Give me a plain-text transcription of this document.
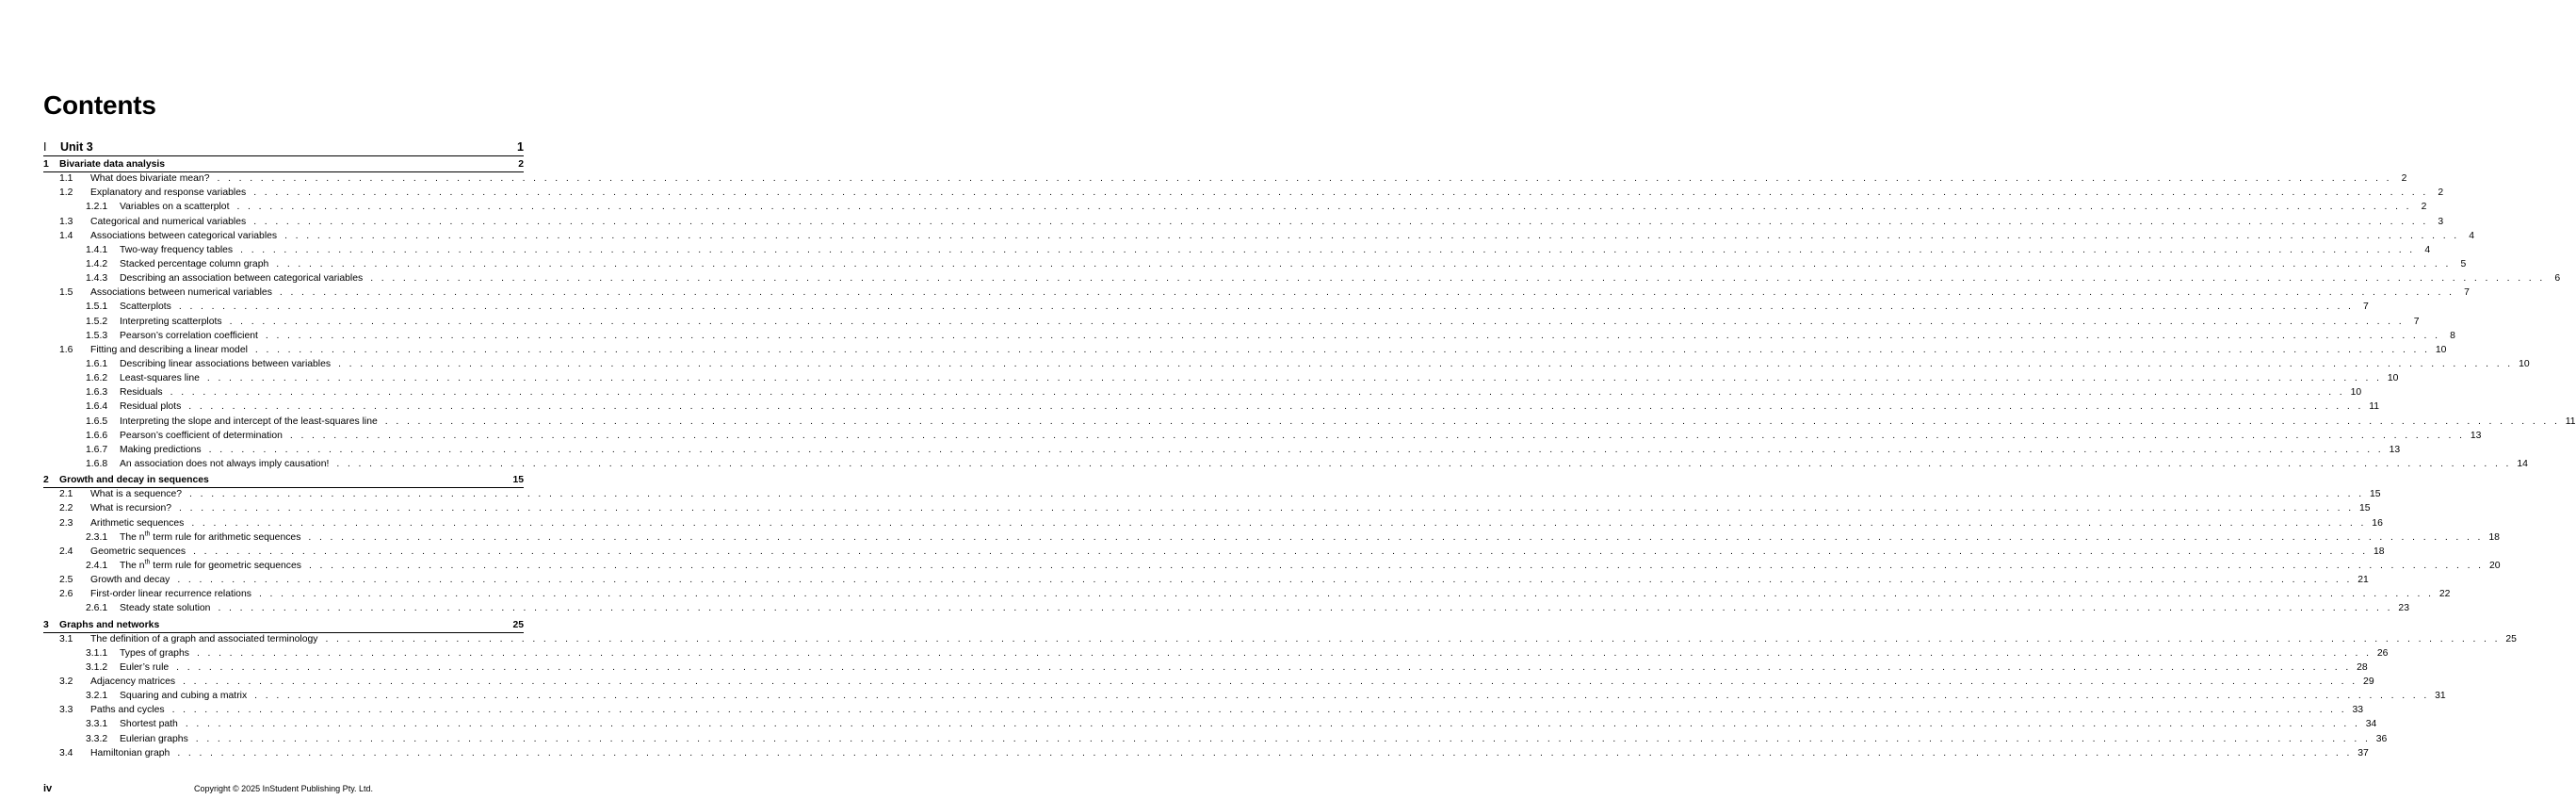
Contents
I	Unit 3	1
1	Bivariate data analysis	2
1.1	What does bivariate mean? . . . . . . . . . . . . . . . . . . . . . . . . . . . . . . . . . . . . . . . . . . . . . . . . . . . . . . . . . . . . . . . . . . . . . . . . . . . . . . . . . . . . . . . . . . . . . . . . . . . . . . . . . . . . . . . . . . . . . . . . . . . . . . . . . . . . . . . . . . . . . . . . . . . . . . . . . . . . . . . . . . . . . . . . . . . . . . . . . . . . . . . . . . . . . . . . . . . . . . . . 2
1.2	Explanatory and response variables . . . . . . . . . . . . . . . . . . . . . . . . . . . . . . . . . . . . . . . . . . . . . . . . . . . . . . . . . . . . . . . . . . . . . . . . . . . . . . . . . . . . . . . . . . . . . . . . . . . . . . . . . . . . . . . . . . . . . . . . . . . . . . . . . . . . . . . . . . . . . . . . . . . . . . . . . . . . . . . . . . . . . . . . . . . . . . . . . . . . . . . . . . . . . . . . . . . . . . . . 2
1.2.1	Variables on a scatterplot . . . . . . . . . . . . . . . . . . . . . . . . . . . . . . . . . . . . . . . . . . . . . . . . . . . . . . . . . . . . . . . . . . . . . . . . . . . . . . . . . . . . . . . . . . . . . . . . . . . . . . . . . . . . . . . . . . . . . . . . . . . . . . . . . . . . . . . . . . . . . . . . . . . . . . . . . . . . . . . . . . . . . . . . . . . . . . . . . . . . . . . . . . . . . . . . . . . . . . . . 2
1.3	Categorical and numerical variables . . . . . . . . . . . . . . . . . . . . . . . . . . . . . . . . . . . . . . . . . . . . . . . . . . . . . . . . . . . . . . . . . . . . . . . . . . . . . . . . . . . . . . . . . . . . . . . . . . . . . . . . . . . . . . . . . . . . . . . . . . . . . . . . . . . . . . . . . . . . . . . . . . . . . . . . . . . . . . . . . . . . . . . . . . . . . . . . . . . . . . . . . . . . . . . . . . . . . . . . 3
1.4	Associations between categorical variables . . . . . . . . . . . . . . . . . . . . . . . . . . . . . . . . . . . . . . . . . . . . . . . . . . . . . . . . . . . . . . . . . . . . . . . . . . . . . . . . . . . . . . . . . . . . . . . . . . . . . . . . . . . . . . . . . . . . . . . . . . . . . . . . . . . . . . . . . . . . . . . . . . . . . . . . . . . . . . . . . . . . . . . . . . . . . . . . . . . . . . . . . . . . . . . . . . . . . . . . 4
1.4.1	Two-way frequency tables . . . . . . . . . . . . . . . . . . . . . . . . . . . . . . . . . . . . . . . . . . . . . . . . . . . . . . . . . . . . . . . . . . . . . . . . . . . . . . . . . . . . . . . . . . . . . . . . . . . . . . . . . . . . . . . . . . . . . . . . . . . . . . . . . . . . . . . . . . . . . . . . . . . . . . . . . . . . . . . . . . . . . . . . . . . . . . . . . . . . . . . . . . . . . . . . . . . . . . . . 4
1.4.2	Stacked percentage column graph . . . . . . . . . . . . . . . . . . . . . . . . . . . . . . . . . . . . . . . . . . . . . . . . . . . . . . . . . . . . . . . . . . . . . . . . . . . . . . . . . . . . . . . . . . . . . . . . . . . . . . . . . . . . . . . . . . . . . . . . . . . . . . . . . . . . . . . . . . . . . . . . . . . . . . . . . . . . . . . . . . . . . . . . . . . . . . . . . . . . . . . . . . . . . . . . . . . . . . . . 5
1.4.3	Describing an association between categorical variables . . . . . . . . . . . . . . . . . . . . . . . . . . . . . . . . . . . . . . . . . . . . . . . . . . . . . . . . . . . . . . . . . . . . . . . . . . . . . . . . . . . . . . . . . . . . . . . . . . . . . . . . . . . . . . . . . . . . . . . . . . . . . . . . . . . . . . . . . . . . . . . . . . . . . . . . . . . . . . . . . . . . . . . . . . . . . . . . . . . . . . . . . . . . . . . . . . . . . . . . 6
1.5	Associations between numerical variables . . . . . . . . . . . . . . . . . . . . . . . . . . . . . . . . . . . . . . . . . . . . . . . . . . . . . . . . . . . . . . . . . . . . . . . . . . . . . . . . . . . . . . . . . . . . . . . . . . . . . . . . . . . . . . . . . . . . . . . . . . . . . . . . . . . . . . . . . . . . . . . . . . . . . . . . . . . . . . . . . . . . . . . . . . . . . . . . . . . . . . . . . . . . . . . . . . . . . . . . 7
1.5.1	Scatterplots . . . . . . . . . . . . . . . . . . . . . . . . . . . . . . . . . . . . . . . . . . . . . . . . . . . . . . . . . . . . . . . . . . . . . . . . . . . . . . . . . . . . . . . . . . . . . . . . . . . . . . . . . . . . . . . . . . . . . . . . . . . . . . . . . . . . . . . . . . . . . . . . . . . . . . . . . . . . . . . . . . . . . . . . . . . . . . . . . . . . . . . . . . . . . . . . . . . . . . . . 7
1.5.2	Interpreting scatterplots . . . . . . . . . . . . . . . . . . . . . . . . . . . . . . . . . . . . . . . . . . . . . . . . . . . . . . . . . . . . . . . . . . . . . . . . . . . . . . . . . . . . . . . . . . . . . . . . . . . . . . . . . . . . . . . . . . . . . . . . . . . . . . . . . . . . . . . . . . . . . . . . . . . . . . . . . . . . . . . . . . . . . . . . . . . . . . . . . . . . . . . . . . . . . . . . . . . . . . . . 7
1.5.3	Pearson’s correlation coefficient . . . . . . . . . . . . . . . . . . . . . . . . . . . . . . . . . . . . . . . . . . . . . . . . . . . . . . . . . . . . . . . . . . . . . . . . . . . . . . . . . . . . . . . . . . . . . . . . . . . . . . . . . . . . . . . . . . . . . . . . . . . . . . . . . . . . . . . . . . . . . . . . . . . . . . . . . . . . . . . . . . . . . . . . . . . . . . . . . . . . . . . . . . . . . . . . . . . . . . . . 8
1.6	Fitting and describing a linear model . . . . . . . . . . . . . . . . . . . . . . . . . . . . . . . . . . . . . . . . . . . . . . . . . . . . . . . . . . . . . . . . . . . . . . . . . . . . . . . . . . . . . . . . . . . . . . . . . . . . . . . . . . . . . . . . . . . . . . . . . . . . . . . . . . . . . . . . . . . . . . . . . . . . . . . . . . . . . . . . . . . . . . . . . . . . . . . . . . . . . . . . . . . . . . . . . . . . . . . . 10
1.6.1	Describing linear associations between variables . . . . . . . . . . . . . . . . . . . . . . . . . . . . . . . . . . . . . . . . . . . . . . . . . . . . . . . . . . . . . . . . . . . . . . . . . . . . . . . . . . . . . . . . . . . . . . . . . . . . . . . . . . . . . . . . . . . . . . . . . . . . . . . . . . . . . . . . . . . . . . . . . . . . . . . . . . . . . . . . . . . . . . . . . . . . . . . . . . . . . . . . . . . . . . . . . . . . . . . . 10
1.6.2	Least-squares line . . . . . . . . . . . . . . . . . . . . . . . . . . . . . . . . . . . . . . . . . . . . . . . . . . . . . . . . . . . . . . . . . . . . . . . . . . . . . . . . . . . . . . . . . . . . . . . . . . . . . . . . . . . . . . . . . . . . . . . . . . . . . . . . . . . . . . . . . . . . . . . . . . . . . . . . . . . . . . . . . . . . . . . . . . . . . . . . . . . . . . . . . . . . . . . . . . . . . . . . 10
1.6.3	Residuals . . . . . . . . . . . . . . . . . . . . . . . . . . . . . . . . . . . . . . . . . . . . . . . . . . . . . . . . . . . . . . . . . . . . . . . . . . . . . . . . . . . . . . . . . . . . . . . . . . . . . . . . . . . . . . . . . . . . . . . . . . . . . . . . . . . . . . . . . . . . . . . . . . . . . . . . . . . . . . . . . . . . . . . . . . . . . . . . . . . . . . . . . . . . . . . . . . . . . . . . 10
1.6.4	Residual plots . . . . . . . . . . . . . . . . . . . . . . . . . . . . . . . . . . . . . . . . . . . . . . . . . . . . . . . . . . . . . . . . . . . . . . . . . . . . . . . . . . . . . . . . . . . . . . . . . . . . . . . . . . . . . . . . . . . . . . . . . . . . . . . . . . . . . . . . . . . . . . . . . . . . . . . . . . . . . . . . . . . . . . . . . . . . . . . . . . . . . . . . . . . . . . . . . . . . . . . . 11
1.6.5	Interpreting the slope and intercept of the least-squares line . . . . . . . . . . . . . . . . . . . . . . . . . . . . . . . . . . . . . . . . . . . . . . . . . . . . . . . . . . . . . . . . . . . . . . . . . . . . . . . . . . . . . . . . . . . . . . . . . . . . . . . . . . . . . . . . . . . . . . . . . . . . . . . . . . . . . . . . . . . . . . . . . . . . . . . . . . . . . . . . . . . . . . . . . . . . . . . . . . . . . . . . . . . . . . . . . . . . . . . . 11
1.6.6	Pearson’s coefficient of determination . . . . . . . . . . . . . . . . . . . . . . . . . . . . . . . . . . . . . . . . . . . . . . . . . . . . . . . . . . . . . . . . . . . . . . . . . . . . . . . . . . . . . . . . . . . . . . . . . . . . . . . . . . . . . . . . . . . . . . . . . . . . . . . . . . . . . . . . . . . . . . . . . . . . . . . . . . . . . . . . . . . . . . . . . . . . . . . . . . . . . . . . . . . . . . . . . . . . . . . . 13
1.6.7	Making predictions . . . . . . . . . . . . . . . . . . . . . . . . . . . . . . . . . . . . . . . . . . . . . . . . . . . . . . . . . . . . . . . . . . . . . . . . . . . . . . . . . . . . . . . . . . . . . . . . . . . . . . . . . . . . . . . . . . . . . . . . . . . . . . . . . . . . . . . . . . . . . . . . . . . . . . . . . . . . . . . . . . . . . . . . . . . . . . . . . . . . . . . . . . . . . . . . . . . . . . . . 13
1.6.8	An association does not always imply causation! . . . . . . . . . . . . . . . . . . . . . . . . . . . . . . . . . . . . . . . . . . . . . . . . . . . . . . . . . . . . . . . . . . . . . . . . . . . . . . . . . . . . . . . . . . . . . . . . . . . . . . . . . . . . . . . . . . . . . . . . . . . . . . . . . . . . . . . . . . . . . . . . . . . . . . . . . . . . . . . . . . . . . . . . . . . . . . . . . . . . . . . . . . . . . . . . . . . . . . . . 14
2	Growth and decay in sequences	15
2.1	What is a sequence? . . . . . . . . . . . . . . . . . . . . . . . . . . . . . . . . . . . . . . . . . . . . . . . . . . . . . . . . . . . . . . . . . . . . . . . . . . . . . . . . . . . . . . . . . . . . . . . . . . . . . . . . . . . . . . . . . . . . . . . . . . . . . . . . . . . . . . . . . . . . . . . . . . . . . . . . . . . . . . . . . . . . . . . . . . . . . . . . . . . . . . . . . . . . . . . . . . . . . . . . 15
2.2	What is recursion? . . . . . . . . . . . . . . . . . . . . . . . . . . . . . . . . . . . . . . . . . . . . . . . . . . . . . . . . . . . . . . . . . . . . . . . . . . . . . . . . . . . . . . . . . . . . . . . . . . . . . . . . . . . . . . . . . . . . . . . . . . . . . . . . . . . . . . . . . . . . . . . . . . . . . . . . . . . . . . . . . . . . . . . . . . . . . . . . . . . . . . . . . . . . . . . . . . . . . . . . 15
2.3	Arithmetic sequences . . . . . . . . . . . . . . . . . . . . . . . . . . . . . . . . . . . . . . . . . . . . . . . . . . . . . . . . . . . . . . . . . . . . . . . . . . . . . . . . . . . . . . . . . . . . . . . . . . . . . . . . . . . . . . . . . . . . . . . . . . . . . . . . . . . . . . . . . . . . . . . . . . . . . . . . . . . . . . . . . . . . . . . . . . . . . . . . . . . . . . . . . . . . . . . . . . . . . . . . 16
2.3.1	The $n^{th}$ term rule for arithmetic sequences . . . . . . . . . . . . . . . . . . . . . . . . . . . . . . . . . . . . . . . . . . . . . . . . . . . . . . . . . . . . . . . . . . . . . . . . . . . . . . . . . . . . . . . . . . . . . . . . . . . . . . . . . . . . . . . . . . . . . . . . . . . . . . . . . . . . . . . . . . . . . . . . . . . . . . . . . . . . . . . . . . . . . . . . . . . . . . . . . . . . . . . . . . . . . . . . . . . . . . . . 18
2.4	Geometric sequences . . . . . . . . . . . . . . . . . . . . . . . . . . . . . . . . . . . . . . . . . . . . . . . . . . . . . . . . . . . . . . . . . . . . . . . . . . . . . . . . . . . . . . . . . . . . . . . . . . . . . . . . . . . . . . . . . . . . . . . . . . . . . . . . . . . . . . . . . . . . . . . . . . . . . . . . . . . . . . . . . . . . . . . . . . . . . . . . . . . . . . . . . . . . . . . . . . . . . . . . 18
2.4.1	The $n^{th}$ term rule for geometric sequences . . . . . . . . . . . . . . . . . . . . . . . . . . . . . . . . . . . . . . . . . . . . . . . . . . . . . . . . . . . . . . . . . . . . . . . . . . . . . . . . . . . . . . . . . . . . . . . . . . . . . . . . . . . . . . . . . . . . . . . . . . . . . . . . . . . . . . . . . . . . . . . . . . . . . . . . . . . . . . . . . . . . . . . . . . . . . . . . . . . . . . . . . . . . . . . . . . . . . . . . 20
2.5	Growth and decay . . . . . . . . . . . . . . . . . . . . . . . . . . . . . . . . . . . . . . . . . . . . . . . . . . . . . . . . . . . . . . . . . . . . . . . . . . . . . . . . . . . . . . . . . . . . . . . . . . . . . . . . . . . . . . . . . . . . . . . . . . . . . . . . . . . . . . . . . . . . . . . . . . . . . . . . . . . . . . . . . . . . . . . . . . . . . . . . . . . . . . . . . . . . . . . . . . . . . . . . 21
2.6	First-order linear recurrence relations . . . . . . . . . . . . . . . . . . . . . . . . . . . . . . . . . . . . . . . . . . . . . . . . . . . . . . . . . . . . . . . . . . . . . . . . . . . . . . . . . . . . . . . . . . . . . . . . . . . . . . . . . . . . . . . . . . . . . . . . . . . . . . . . . . . . . . . . . . . . . . . . . . . . . . . . . . . . . . . . . . . . . . . . . . . . . . . . . . . . . . . . . . . . . . . . . . . . . . . . 22
2.6.1	Steady state solution . . . . . . . . . . . . . . . . . . . . . . . . . . . . . . . . . . . . . . . . . . . . . . . . . . . . . . . . . . . . . . . . . . . . . . . . . . . . . . . . . . . . . . . . . . . . . . . . . . . . . . . . . . . . . . . . . . . . . . . . . . . . . . . . . . . . . . . . . . . . . . . . . . . . . . . . . . . . . . . . . . . . . . . . . . . . . . . . . . . . . . . . . . . . . . . . . . . . . . . . 23
3	Graphs and networks	25
3.1	The definition of a graph and associated terminology . . . . . . . . . . . . . . . . . . . . . . . . . . . . . . . . . . . . . . . . . . . . . . . . . . . . . . . . . . . . . . . . . . . . . . . . . . . . . . . . . . . . . . . . . . . . . . . . . . . . . . . . . . . . . . . . . . . . . . . . . . . . . . . . . . . . . . . . . . . . . . . . . . . . . . . . . . . . . . . . . . . . . . . . . . . . . . . . . . . . . . . . . . . . . . . . . . . . . . . . 25
3.1.1	Types of graphs . . . . . . . . . . . . . . . . . . . . . . . . . . . . . . . . . . . . . . . . . . . . . . . . . . . . . . . . . . . . . . . . . . . . . . . . . . . . . . . . . . . . . . . . . . . . . . . . . . . . . . . . . . . . . . . . . . . . . . . . . . . . . . . . . . . . . . . . . . . . . . . . . . . . . . . . . . . . . . . . . . . . . . . . . . . . . . . . . . . . . . . . . . . . . . . . . . . . . . . . 26
3.1.2	Euler’s rule . . . . . . . . . . . . . . . . . . . . . . . . . . . . . . . . . . . . . . . . . . . . . . . . . . . . . . . . . . . . . . . . . . . . . . . . . . . . . . . . . . . . . . . . . . . . . . . . . . . . . . . . . . . . . . . . . . . . . . . . . . . . . . . . . . . . . . . . . . . . . . . . . . . . . . . . . . . . . . . . . . . . . . . . . . . . . . . . . . . . . . . . . . . . . . . . . . . . . . . . 28
3.2	Adjacency matrices . . . . . . . . . . . . . . . . . . . . . . . . . . . . . . . . . . . . . . . . . . . . . . . . . . . . . . . . . . . . . . . . . . . . . . . . . . . . . . . . . . . . . . . . . . . . . . . . . . . . . . . . . . . . . . . . . . . . . . . . . . . . . . . . . . . . . . . . . . . . . . . . . . . . . . . . . . . . . . . . . . . . . . . . . . . . . . . . . . . . . . . . . . . . . . . . . . . . . . . . 29
3.2.1	Squaring and cubing a matrix . . . . . . . . . . . . . . . . . . . . . . . . . . . . . . . . . . . . . . . . . . . . . . . . . . . . . . . . . . . . . . . . . . . . . . . . . . . . . . . . . . . . . . . . . . . . . . . . . . . . . . . . . . . . . . . . . . . . . . . . . . . . . . . . . . . . . . . . . . . . . . . . . . . . . . . . . . . . . . . . . . . . . . . . . . . . . . . . . . . . . . . . . . . . . . . . . . . . . . . . 31
3.3	Paths and cycles . . . . . . . . . . . . . . . . . . . . . . . . . . . . . . . . . . . . . . . . . . . . . . . . . . . . . . . . . . . . . . . . . . . . . . . . . . . . . . . . . . . . . . . . . . . . . . . . . . . . . . . . . . . . . . . . . . . . . . . . . . . . . . . . . . . . . . . . . . . . . . . . . . . . . . . . . . . . . . . . . . . . . . . . . . . . . . . . . . . . . . . . . . . . . . . . . . . . . . . . 33
3.3.1	Shortest path . . . . . . . . . . . . . . . . . . . . . . . . . . . . . . . . . . . . . . . . . . . . . . . . . . . . . . . . . . . . . . . . . . . . . . . . . . . . . . . . . . . . . . . . . . . . . . . . . . . . . . . . . . . . . . . . . . . . . . . . . . . . . . . . . . . . . . . . . . . . . . . . . . . . . . . . . . . . . . . . . . . . . . . . . . . . . . . . . . . . . . . . . . . . . . . . . . . . . . . . 34
3.3.2	Eulerian graphs . . . . . . . . . . . . . . . . . . . . . . . . . . . . . . . . . . . . . . . . . . . . . . . . . . . . . . . . . . . . . . . . . . . . . . . . . . . . . . . . . . . . . . . . . . . . . . . . . . . . . . . . . . . . . . . . . . . . . . . . . . . . . . . . . . . . . . . . . . . . . . . . . . . . . . . . . . . . . . . . . . . . . . . . . . . . . . . . . . . . . . . . . . . . . . . . . . . . . . . . 36
3.4	Hamiltonian graph . . . . . . . . . . . . . . . . . . . . . . . . . . . . . . . . . . . . . . . . . . . . . . . . . . . . . . . . . . . . . . . . . . . . . . . . . . . . . . . . . . . . . . . . . . . . . . . . . . . . . . . . . . . . . . . . . . . . . . . . . . . . . . . . . . . . . . . . . . . . . . . . . . . . . . . . . . . . . . . . . . . . . . . . . . . . . . . . . . . . . . . . . . . . . . . . . . . . . . . . 37
iv	Copyright © 2025 InStudent Publishing Pty. Ltd.
